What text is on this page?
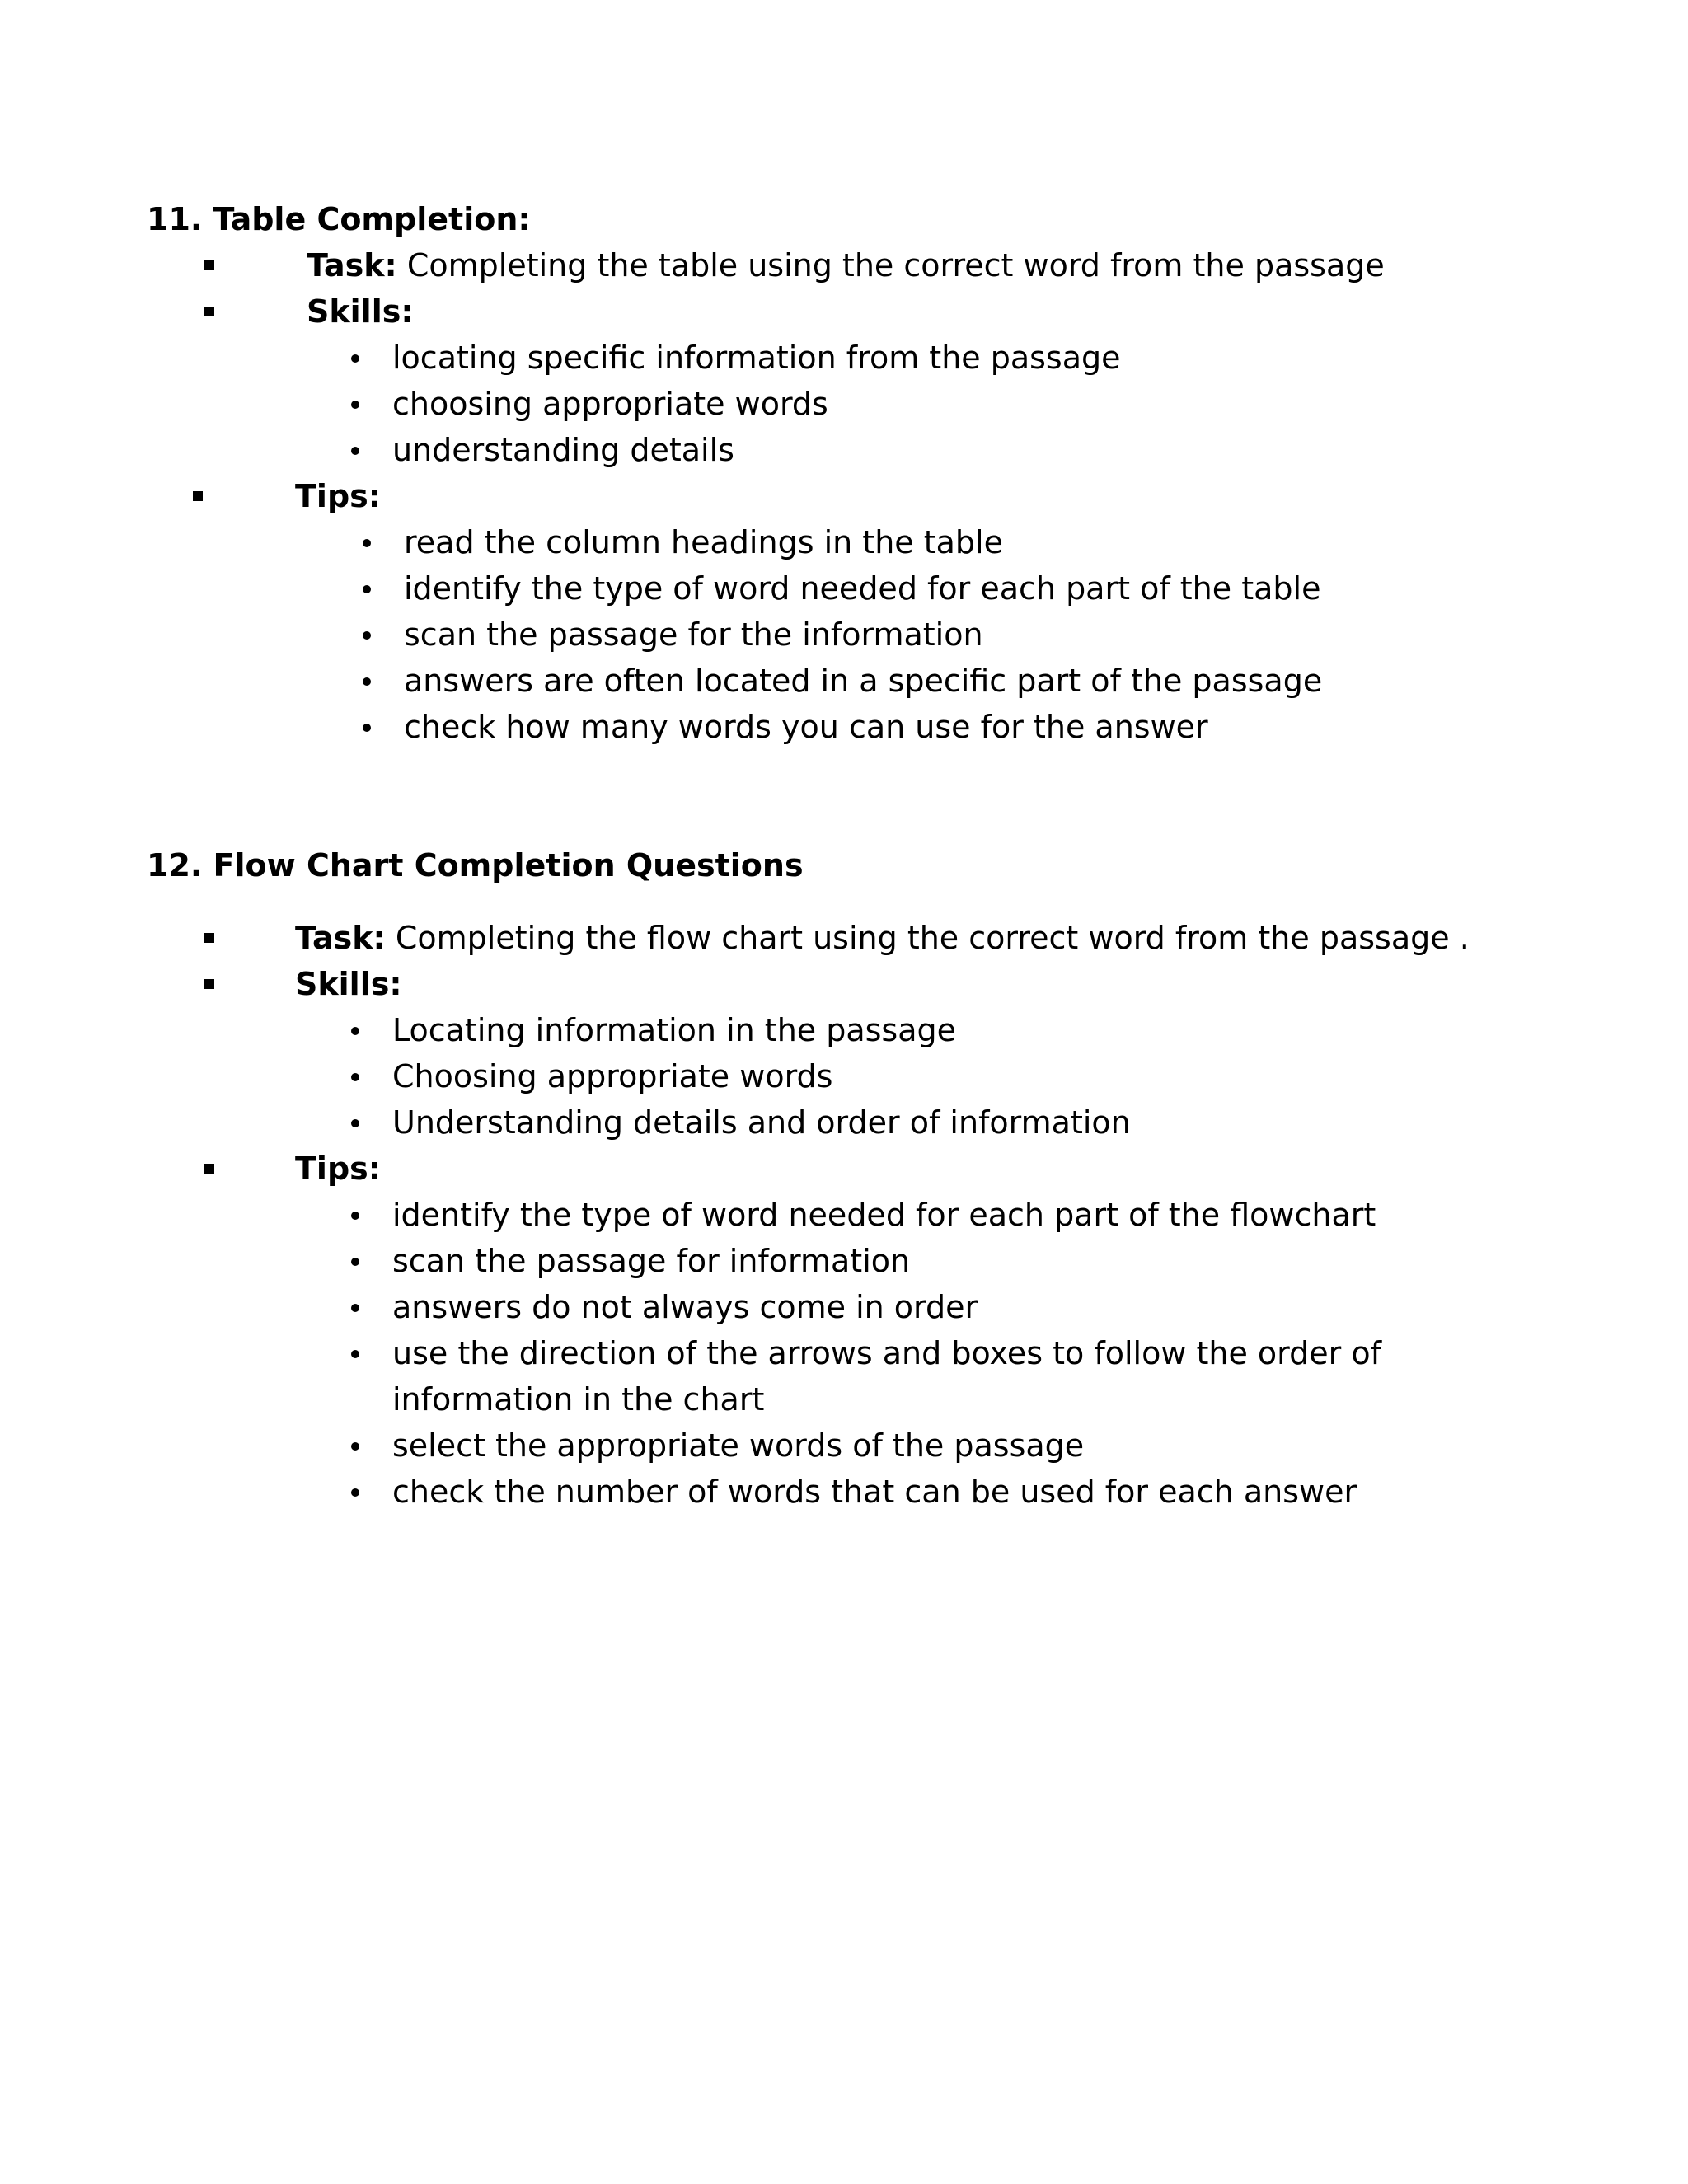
11. Table Completion:
Task: Completing the table using the correct word from the passage
Skills:
locating specific information from the passage
choosing appropriate words
understanding details
Tips:
read the column headings in the table
identify the type of word needed for each part of the table
scan the passage for the information
answers are often located in a specific part of the passage
check how many words you can use for the answer
12. Flow Chart Completion Questions
Task: Completing the flow chart using the correct word from the passage .
Skills:
Locating information in the passage
Choosing appropriate words
Understanding details and order of information
Tips:
identify the type of word needed for each part of the flowchart
scan the passage for information
answers do not always come in order
use the direction of the arrows and boxes to follow the order of information in the chart
select the appropriate words of the passage
check the number of words that can be used for each answer
